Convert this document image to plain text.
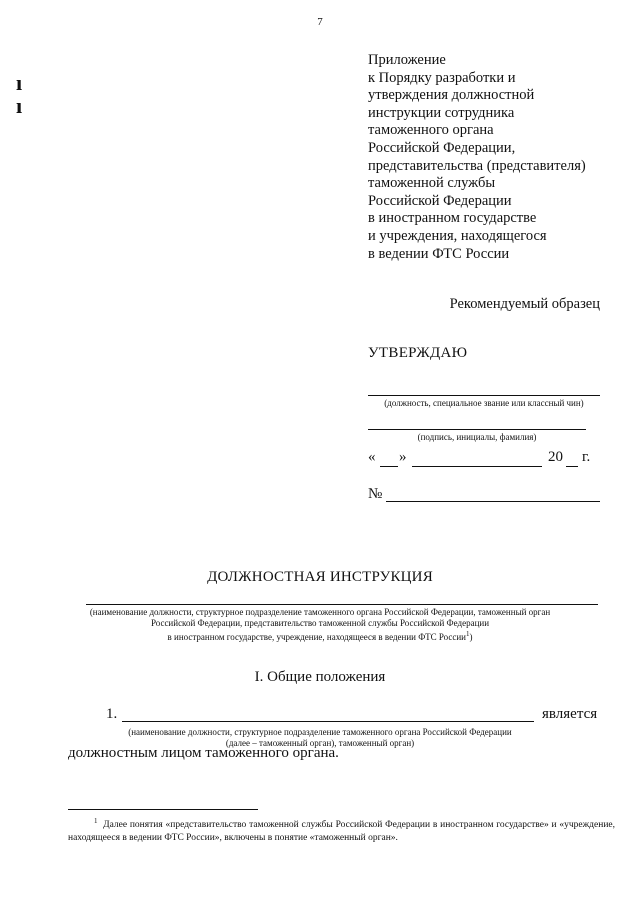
7
ı
ı
Приложение
к Порядку разработки и
утверждения должностной
инструкции сотрудника
таможенного органа
Российской Федерации,
представительства (представителя)
таможенной службы
Российской Федерации
в иностранном государстве
и учреждения, находящегося
в ведении ФТС России
Рекомендуемый образец
УТВЕРЖДАЮ
(должность, специальное звание или классный чин)
(подпись, инициалы, фамилия)
« »	20 г.
№
ДОЛЖНОСТНАЯ ИНСТРУКЦИЯ
(наименование должности, структурное подразделение таможенного органа Российской Федерации, таможенный орган
Российской Федерации, представительство таможенной службы Российской Федерации
в иностранном государстве, учреждение, находящееся в ведении ФТС России$^1$)
I. Общие положения
1.	является
(наименование должности, структурное подразделение таможенного органа Российской Федерации
(далее – таможенный орган), таможенный орган)
должностным лицом таможенного органа.
$^1$ Далее понятия «представительство таможенной службы Российской Федерации в иностранном государстве» и «учреждение, находящееся в ведении ФТС России», включены в понятие «таможенный орган».
